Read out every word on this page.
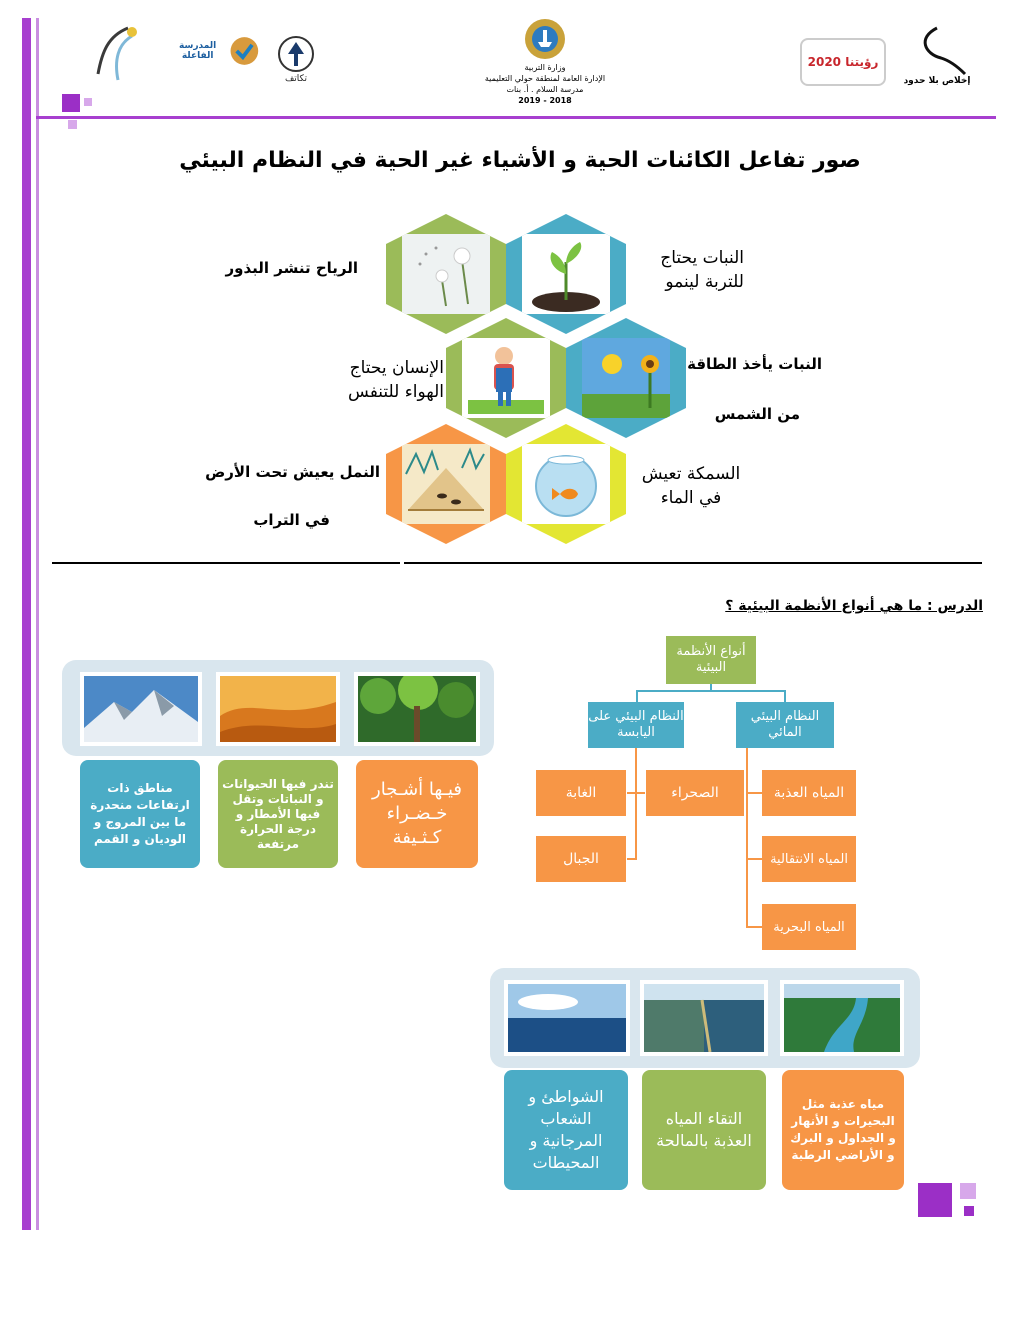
المدرسة الفاعلة
تكاتف
وزارة التربية
الإدارة العامة لمنطقة حولي التعليمية
مدرسة السلام . أ. بنات
2018 - 2019
رؤيتنا 2020
إخلاص بلا حدود
صور تفاعل الكائنات الحية و الأشياء غير الحية في النظام البيئي
النبات يحتاج للتربة لينمو
الرياح تنشر البذور
النبات يأخذ الطاقة
من الشمس
الإنسان يحتاج الهواء للتنفس
السمكة تعيش في الماء
النمل يعيش تحت الأرض
في التراب
الدرس : ما هي أنواع الأنظمة البيئية ؟
أنواع الأنظمة البيئية
النظام البيئي على اليابسة
النظام البيئي المائي
الغابة	الصحراء
الجبال
المياه العذبة
المياه الانتقالية
المياه البحرية
مناطق ذات ارتفاعات منحدرة ما بين المروج و الوديان و القمم
تندر فيها الحيوانات و النباتات وتقل فيها الأمطار و درجة الحرارة مرتفعة
فيـها أشـجار خـضـراء كـثـيفة
الشواطئ و الشعاب المرجانية و المحيطات
التقاء المياه العذبة بالمالحة
مياه عذبة مثل البحيرات و الأنهار و الجداول و البرك و الأراضي الرطبة
